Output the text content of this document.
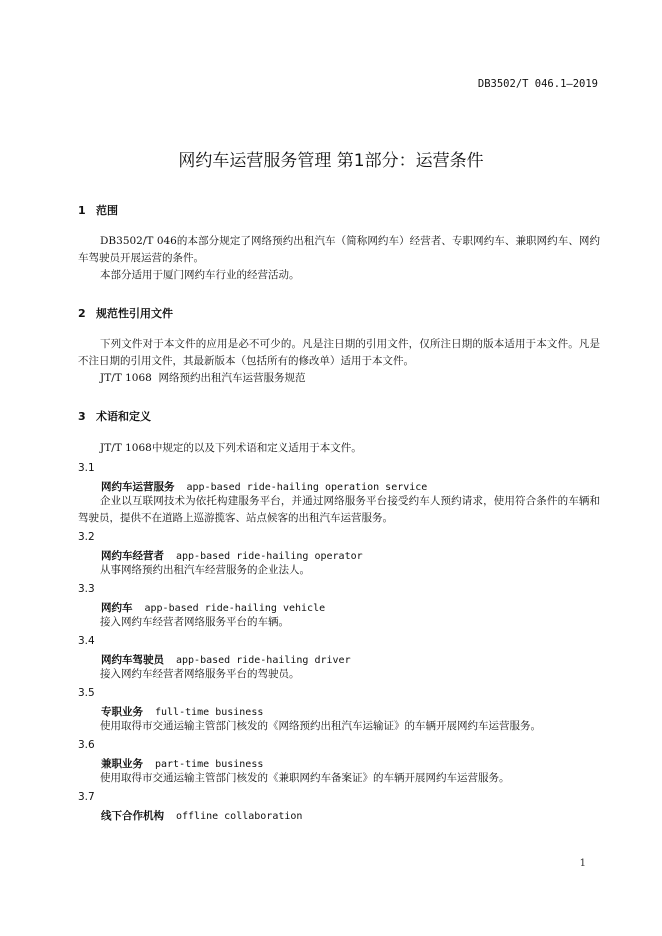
DB3502/T 046.1—2019
网约车运营服务管理 第1部分：运营条件
1 范围

DB3502/T 046的本部分规定了网络预约出租汽车（简称网约车）经营者、专职网约车、兼职网约车、网约车驾驶员开展运营的条件。

本部分适用于厦门网约车行业的经营活动。

2 规范性引用文件

下列文件对于本文件的应用是必不可少的。凡是注日期的引用文件，仅所注日期的版本适用于本文件。凡是不注日期的引用文件，其最新版本（包括所有的修改单）适用于本文件。

JT/T 1068  网络预约出租汽车运营服务规范

3 术语和定义

JT/T 1068中规定的以及下列术语和定义适用于本文件。

3.1
网约车运营服务 app-based ride-hailing operation service

企业以互联网技术为依托构建服务平台，并通过网络服务平台接受约车人预约请求，使用符合条件的车辆和驾驶员，提供不在道路上巡游揽客、站点候客的出租汽车运营服务。

3.2
网约车经营者 app-based ride-hailing operator

从事网络预约出租汽车经营服务的企业法人。

3.3
网约车 app-based ride-hailing vehicle

接入网约车经营者网络服务平台的车辆。

3.4
网约车驾驶员 app-based ride-hailing driver

接入网约车经营者网络服务平台的驾驶员。

3.5
专职业务 full-time business

使用取得市交通运输主管部门核发的《网络预约出租汽车运输证》的车辆开展网约车运营服务。

3.6
兼职业务 part-time business

使用取得市交通运输主管部门核发的《兼职网约车备案证》的车辆开展网约车运营服务。

3.7
线下合作机构 offline collaboration
1
